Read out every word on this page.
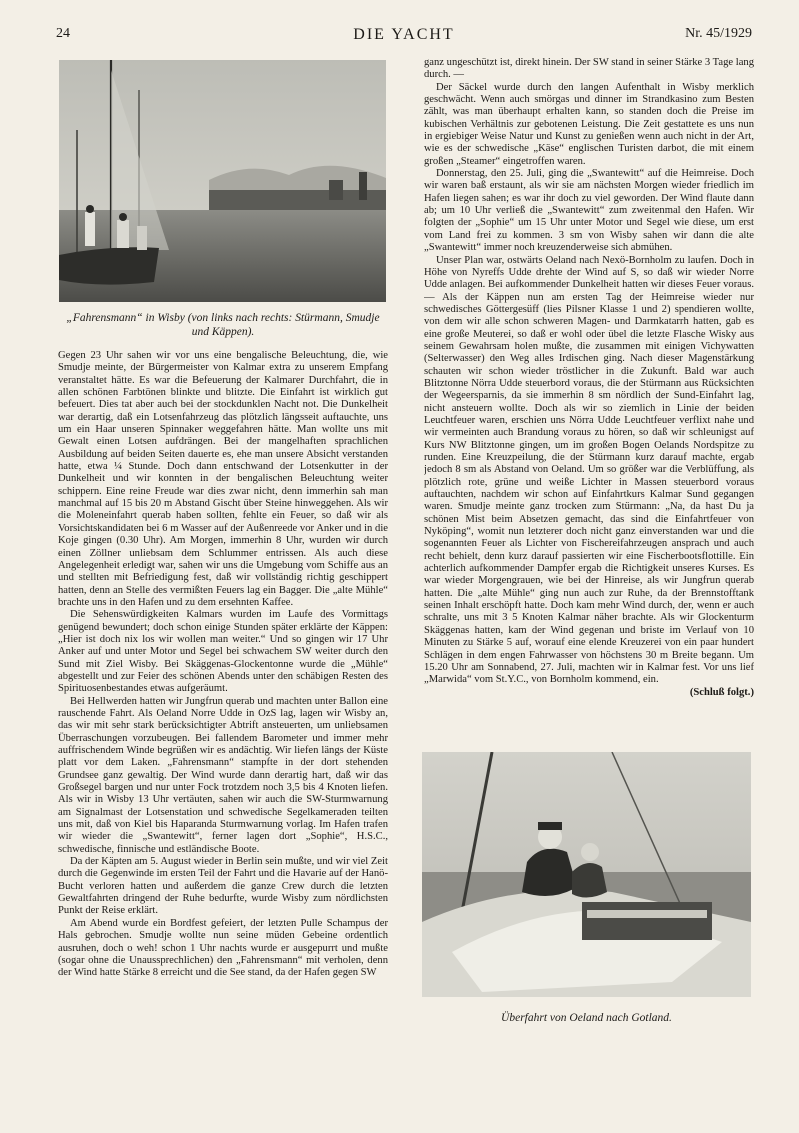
24	DIE YACHT	Nr. 45/1929
„Fahrensmann“ in Wisby (von links nach rechts: Stürmann, Smudje und Käppen).

Gegen 23 Uhr sahen wir vor uns eine bengalische Beleuchtung, die, wie Smudje meinte, der Bürgermeister von Kalmar extra zu unserem Empfang veranstaltet hätte. Es war die Befeuerung der Kalmarer Durchfahrt, die in allen schönen Farbtönen blinkte und blitzte. Die Einfahrt ist wirklich gut befeuert. Dies tat aber auch bei der stockdunklen Nacht not. Die Dunkelheit war derartig, daß ein Lotsenfahrzeug das plötzlich längsseit auftauchte, uns um ein Haar unseren Spinnaker weggefahren hätte. Man wollte uns mit Gewalt einen Lotsen aufdrängen. Bei der mangelhaften sprachlichen Ausbildung auf beiden Seiten dauerte es, ehe man unsere Absicht verstanden hatte, etwa ¼ Stunde. Doch dann entschwand der Lotsenkutter in der Dunkelheit und wir konnten in der bengalischen Beleuchtung weiter schippern. Eine reine Freude war dies zwar nicht, denn immerhin sah man manchmal auf 15 bis 20 m Abstand Gischt über Steine hinweggehen. Als wir die Moleneinfahrt querab haben sollten, fehlte ein Feuer, so daß wir als Vorsichtskandidaten bei 6 m Wasser auf der Außenreede vor Anker und in die Koje gingen (0.30 Uhr). Am Morgen, immerhin 8 Uhr, wurden wir durch einen Zöllner unliebsam dem Schlummer entrissen. Als auch diese Angelegenheit erledigt war, sahen wir uns die Umgebung vom Schiffe aus an und stellten mit Befriedigung fest, daß wir vollständig richtig geschippert hatten, denn an Stelle des vermißten Feuers lag ein Bagger. Die „alte Mühle“ brachte uns in den Hafen und zu dem ersehnten Kaffee.

Die Sehenswürdigkeiten Kalmars wurden im Laufe des Vormittags genügend bewundert; doch schon einige Stunden später erklärte der Käppen: „Hier ist doch nix los wir wollen man weiter.“ Und so gingen wir 17 Uhr Anker auf und unter Motor und Segel bei schwachem SW weiter durch den Sund mit Ziel Wisby. Bei Skäggenas-Glockentonne wurde die „Mühle“ abgestellt und zur Feier des schönen Abends unter den schäbigen Resten des Spirituosenbestandes etwas aufgeräumt.

Bei Hellwerden hatten wir Jungfrun querab und machten unter Ballon eine rauschende Fahrt. Als Oeland Norre Udde in OzS lag, lagen wir Wisby an, das wir mit sehr stark berücksichtigter Abtrift ansteuerten, um unliebsamen Überraschungen vorzubeugen. Bei fallendem Barometer und immer mehr auffrischendem Winde begrüßen wir es andächtig. Wir liefen längs der Küste platt vor dem Laken. „Fahrensmann“ stampfte in der dort stehenden Grundsee ganz gewaltig. Der Wind wurde dann derartig hart, daß wir das Großsegel bargen und nur unter Fock trotzdem noch 3,5 bis 4 Knoten liefen. Als wir in Wisby 13 Uhr vertäuten, sahen wir auch die SW-Sturmwarnung am Signalmast der Lotsenstation und schwedische Segelkameraden teilten uns mit, daß von Kiel bis Haparanda Sturmwarnung vorlag. Im Hafen trafen wir wieder die „Swantewitt“, ferner lagen dort „Sophie“, H.S.C., schwedische, finnische und estländische Boote.

Da der Käpten am 5. August wieder in Berlin sein mußte, und wir viel Zeit durch die Gegenwinde im ersten Teil der Fahrt und die Havarie auf der Hanö-Bucht verloren hatten und außerdem die ganze Crew durch die letzten Gewaltfahrten dringend der Ruhe bedurfte, wurde Wisby zum nördlichsten Punkt der Reise erklärt.

Am Abend wurde ein Bordfest gefeiert, der letzten Pulle Schampus der Hals gebrochen. Smudje wollte nun seine müden Gebeine ordentlich ausruhen, doch o weh! schon 1 Uhr nachts wurde er ausgepurrt und mußte (sogar ohne die Unaussprechlichen) den „Fahrensmann“ mit verholen, denn der Wind hatte Stärke 8 erreicht und die See stand, da der Hafen gegen SW

ganz ungeschützt ist, direkt hinein. Der SW stand in seiner Stärke 3 Tage lang durch. —

Der Säckel wurde durch den langen Aufenthalt in Wisby merklich geschwächt. Wenn auch smörgas und dinner im Strandkasino zum Besten zählt, was man überhaupt erhalten kann, so standen doch die Preise im kubischen Verhältnis zur gebotenen Leistung. Die Zeit gestattete es uns nun in ergiebiger Weise Natur und Kunst zu genießen wenn auch nicht in der Art, wie es der schwedische „Käse“ englischen Turisten darbot, die mit einem großen „Steamer“ eingetroffen waren.

Donnerstag, den 25. Juli, ging die „Swantewitt“ auf die Heimreise. Doch wir waren baß erstaunt, als wir sie am nächsten Morgen wieder friedlich im Hafen liegen sahen; es war ihr doch zu viel geworden. Der Wind flaute dann ab; um 10 Uhr verließ die „Swantewitt“ zum zweitenmal den Hafen. Wir folgten der „Sophie“ um 15 Uhr unter Motor und Segel wie diese, um erst vom Land frei zu kommen. 3 sm von Wisby sahen wir dann die alte „Swantewitt“ immer noch kreuzenderweise sich abmühen.

Unser Plan war, ostwärts Oeland nach Nexö-Bornholm zu laufen. Doch in Höhe von Nyreffs Udde drehte der Wind auf S, so daß wir wieder Norre Udde anlagen. Bei aufkommender Dunkelheit hatten wir dieses Feuer voraus. — Als der Käppen nun am ersten Tag der Heimreise wieder nur schwedisches Göttergesüff (lies Pilsner Klasse 1 und 2) spendieren wollte, von dem wir alle schon schweren Magen- und Darmkatarrh hatten, gab es eine große Meuterei, so daß er wohl oder übel die letzte Flasche Wisky aus seinem Gewahrsam holen mußte, die zusammen mit einigen Vichywatten (Selterwasser) den Weg alles Irdischen ging. Nach dieser Magenstärkung schauten wir schon wieder tröstlicher in die Zukunft. Bald war auch Blitztonne Nörra Udde steuerbord voraus, die der Stürmann aus Rücksichten der Wegeersparnis, da sie immerhin 8 sm nördlich der Sund-Einfahrt lag, nicht ansteuern wollte. Doch als wir so ziemlich in Linie der beiden Leuchtfeuer waren, erschien uns Nörra Udde Leuchtfeuer verflixt nahe und wir vermeinten auch Brandung voraus zu hören, so daß wir schleunigst auf Kurs NW Blitztonne gingen, um im großen Bogen Oelands Nordspitze zu runden. Eine Kreuzpeilung, die der Stürmann kurz darauf machte, ergab jedoch 8 sm als Abstand von Oeland. Um so größer war die Verblüffung, als plötzlich rote, grüne und weiße Lichter in Massen steuerbord voraus auftauchten, nachdem wir schon auf Einfahrtkurs Kalmar Sund gegangen waren. Smudje meinte ganz trocken zum Stürmann: „Na, da hast Du ja schönen Mist beim Absetzen gemacht, das sind die Einfahrtfeuer von Nyköping“, womit nun letzterer doch nicht ganz einverstanden war und die sogenannten Feuer als Lichter von Fischereifahrzeugen ansprach und auch recht behielt, denn kurz darauf passierten wir eine Fischerbootsflottille. Ein achterlich aufkommender Dampfer ergab die Richtigkeit unseres Kurses. Es war wieder Morgengrauen, wie bei der Hinreise, als wir Jungfrun querab hatten. Die „alte Mühle“ ging nun auch zur Ruhe, da der Brennstofftank seinen Inhalt erschöpft hatte. Doch kam mehr Wind durch, der, wenn er auch schralte, uns mit 3 5 Knoten Kalmar näher brachte. Als wir Glockenturm Skäggenas hatten, kam der Wind gegenan und briste im Verlauf von 10 Minuten zu Stärke 5 auf, worauf eine elende Kreuzerei von ein paar hundert Schlägen in dem engen Fahrwasser von höchstens 30 m Breite begann. Um 15.20 Uhr am Sonnabend, 27. Juli, machten wir in Kalmar fest. Vor uns lief „Marwida“ vom St.Y.C., von Bornholm kommend, ein.

(Schluß folgt.)

Überfahrt von Oeland nach Gotland.
